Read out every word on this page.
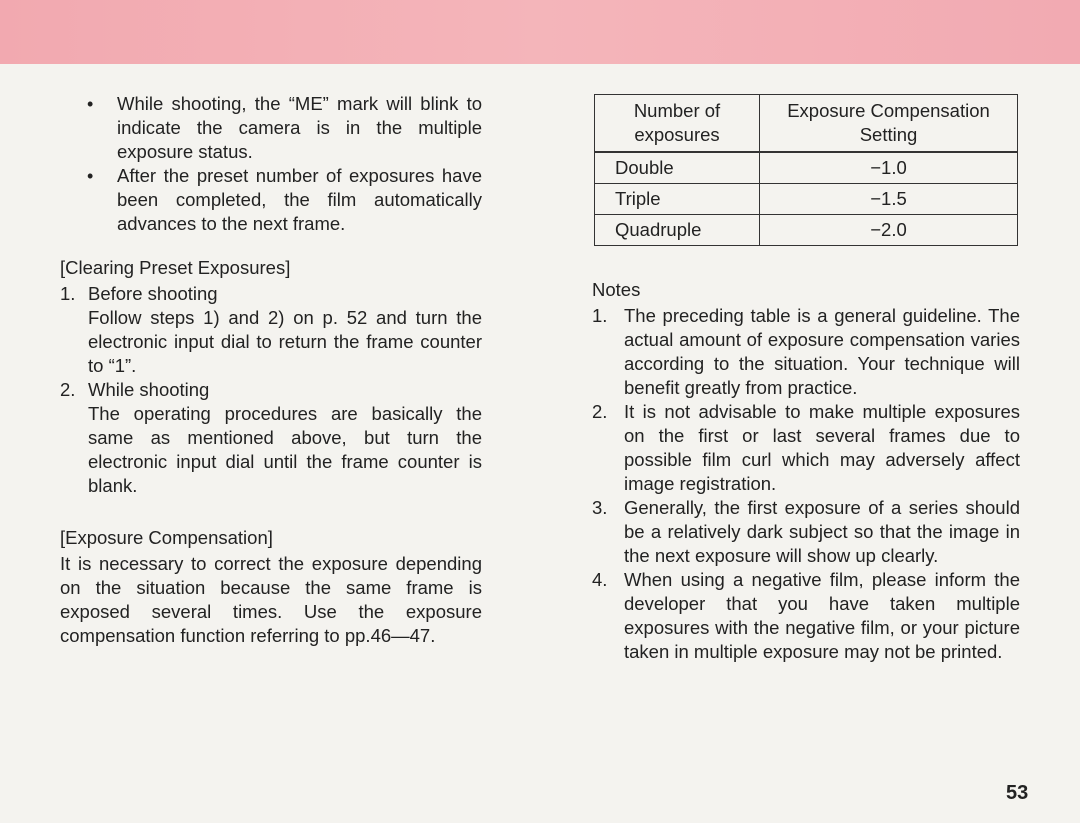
• While shooting, the “ME” mark will blink to indicate the camera is in the multiple exposure status.
• After the preset number of exposures have been completed, the film automatically advances to the next frame.
[Clearing Preset Exposures]
1. Before shooting
Follow steps 1) and 2) on p. 52 and turn the electronic input dial to return the frame counter to “1”.
2. While shooting
The operating procedures are basically the same as mentioned above, but turn the electronic input dial until the frame counter is blank.
[Exposure Compensation]

It is necessary to correct the exposure depending on the situation because the same frame is exposed several times. Use the exposure compensation function referring to pp.46—47.

Number of exposures	Exposure Compensation Setting
Double	−1.0
Triple	−1.5
Quadruple	−2.0
Notes
1. The preceding table is a general guideline. The actual amount of exposure compensation varies according to the situation. Your technique will benefit greatly from practice.
2. It is not advisable to make multiple exposures on the first or last several frames due to possible film curl which may adversely affect image registration.
3. Generally, the first exposure of a series should be a relatively dark subject so that the image in the next exposure will show up clearly.
4. When using a negative film, please inform the developer that you have taken multiple exposures with the negative film, or your picture taken in multiple exposure may not be printed.
53
